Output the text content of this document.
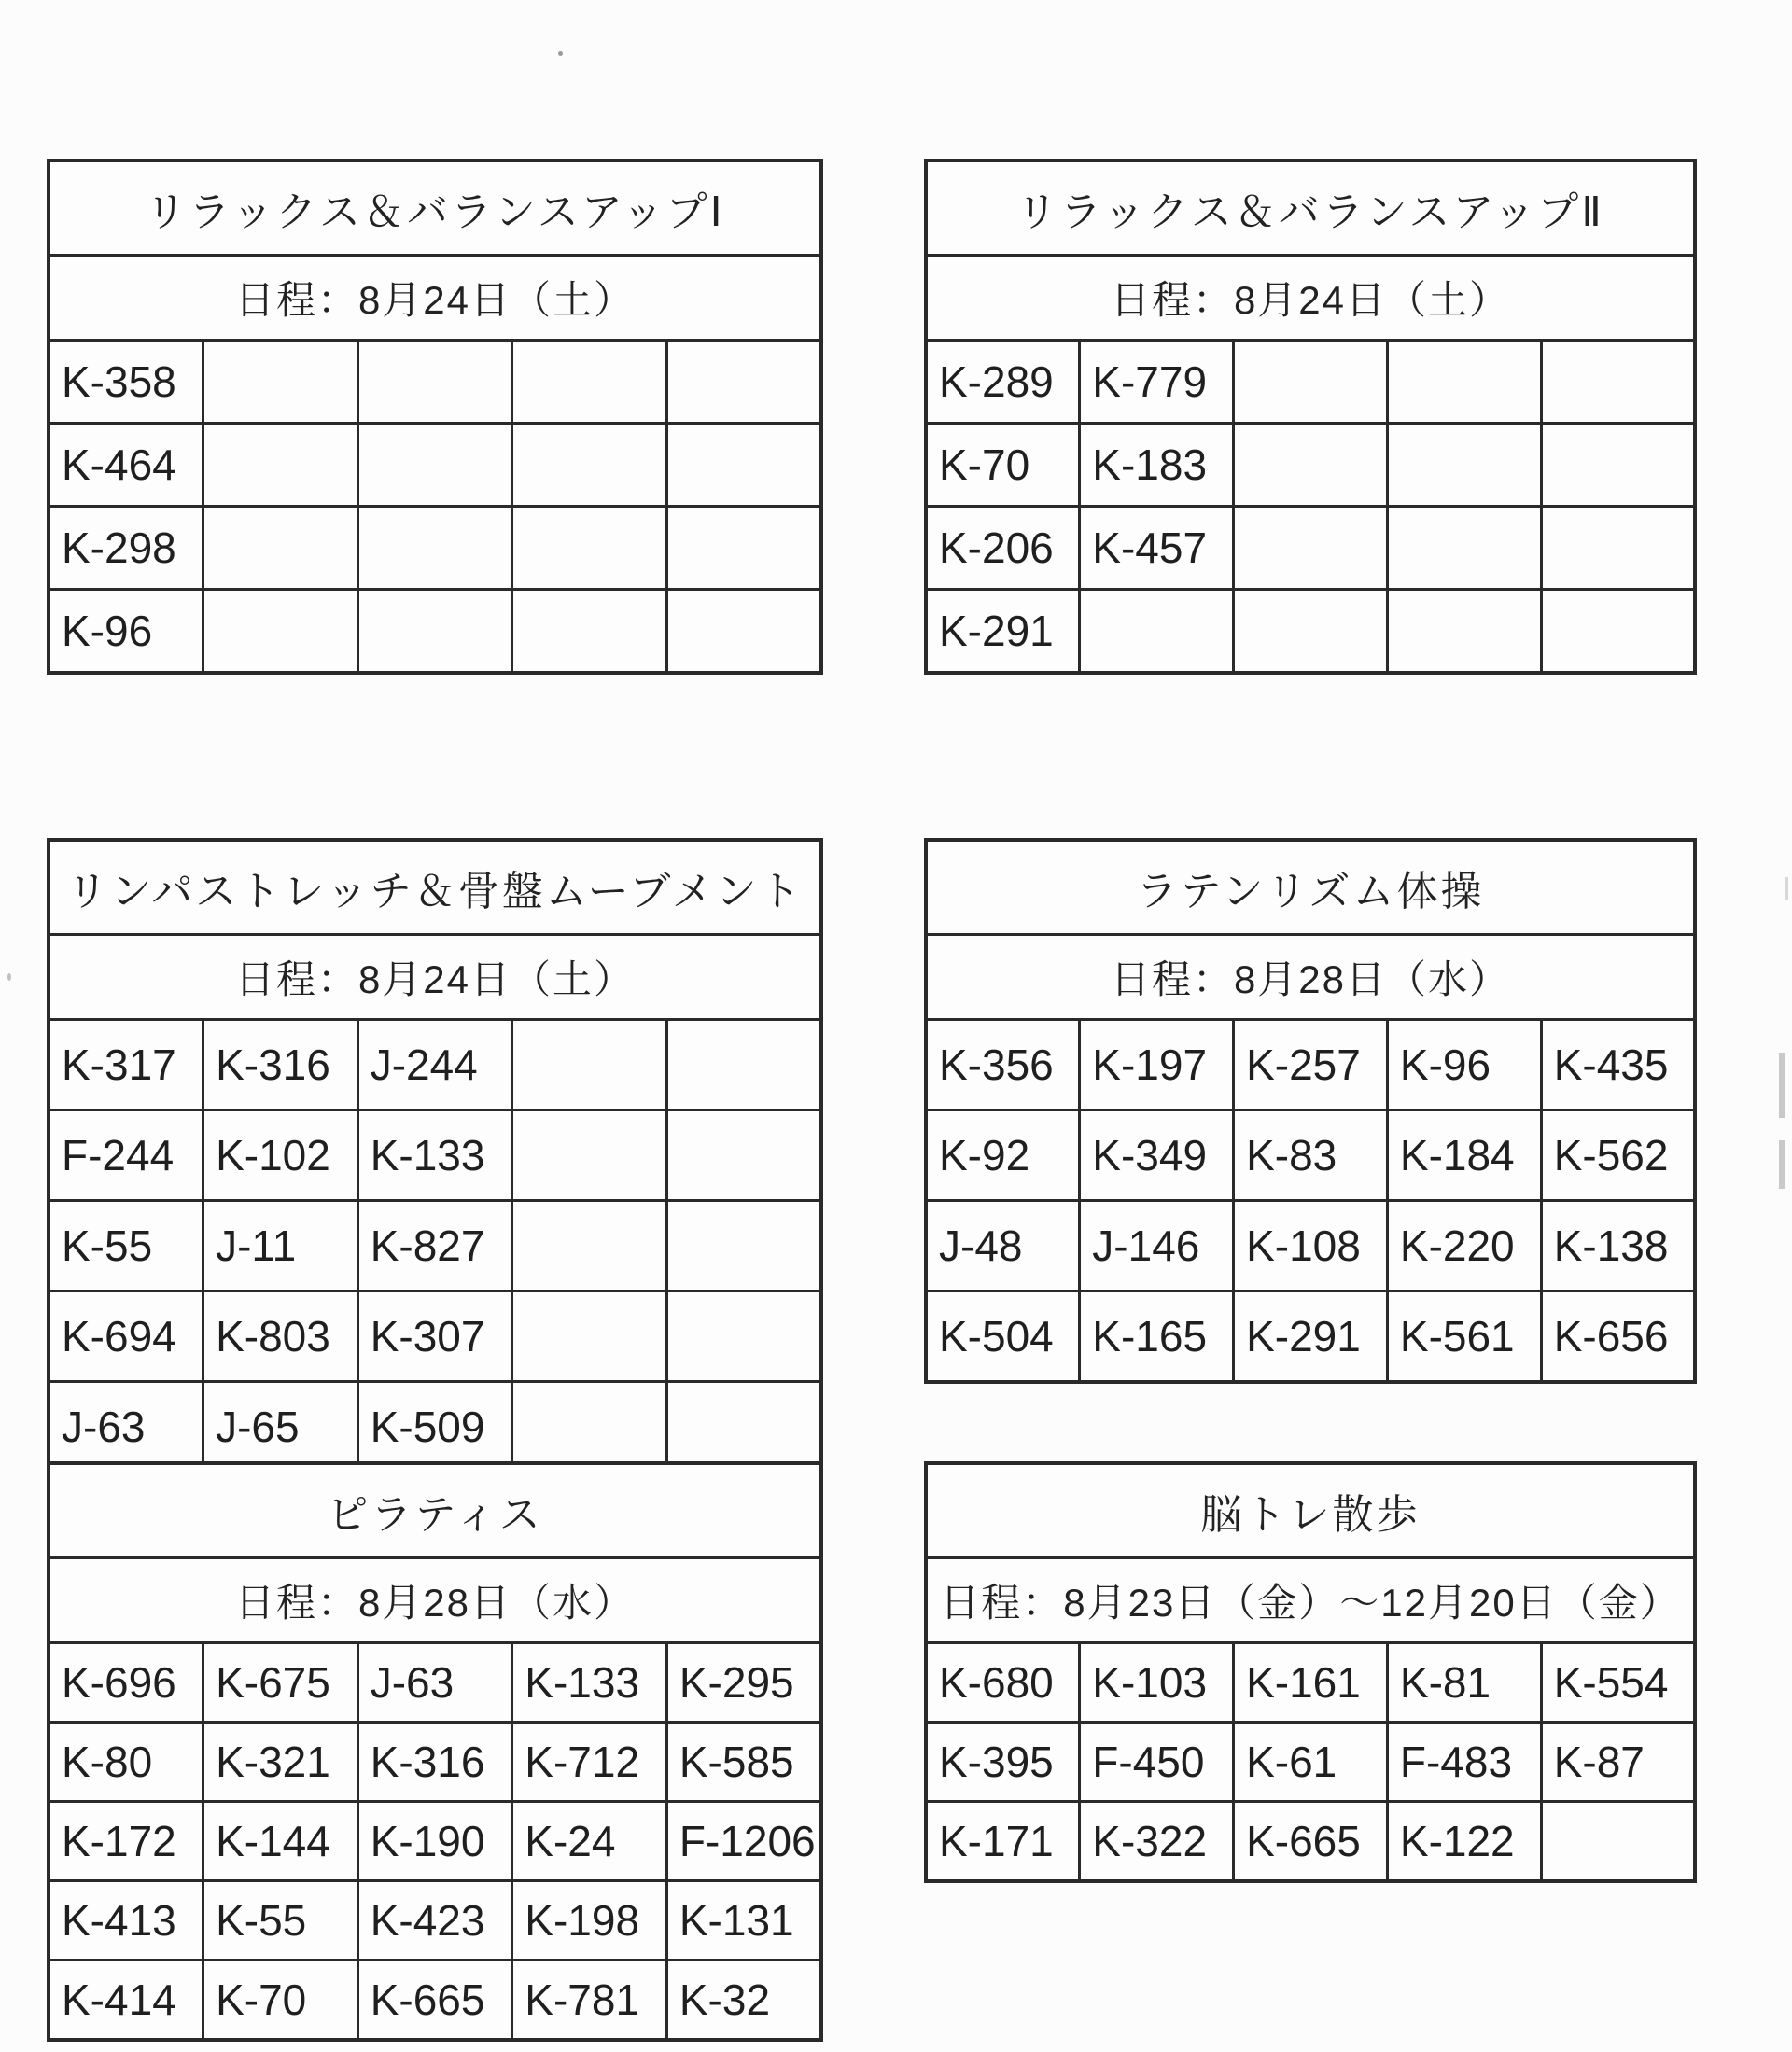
リラックス＆バランスアップⅠ				
日程：8月24日（土）				
K-358				
K-464				
K-298				
K-96				
リラックス＆バランスアップⅡ				
日程：8月24日（土）				
K-289	K-779			
K-70	K-183			
K-206	K-457			
K-291				
リンパストレッチ＆骨盤ムーブメント				
日程：8月24日（土）				
K-317	K-316	J-244		
F-244	K-102	K-133		
K-55	J-11	K-827		
K-694	K-803	K-307		
J-63	J-65	K-509		
ラテンリズム体操				
日程：8月28日（水）				
K-356	K-197	K-257	K-96	K-435
K-92	K-349	K-83	K-184	K-562
J-48	J-146	K-108	K-220	K-138
K-504	K-165	K-291	K-561	K-656
ピラティス				
日程：8月28日（水）				
K-696	K-675	J-63	K-133	K-295
K-80	K-321	K-316	K-712	K-585
K-172	K-144	K-190	K-24	F-1206
K-413	K-55	K-423	K-198	K-131
K-414	K-70	K-665	K-781	K-32
脳トレ散歩				
日程：8月23日（金）～12月20日（金）				
K-680	K-103	K-161	K-81	K-554
K-395	F-450	K-61	F-483	K-87
K-171	K-322	K-665	K-122	
